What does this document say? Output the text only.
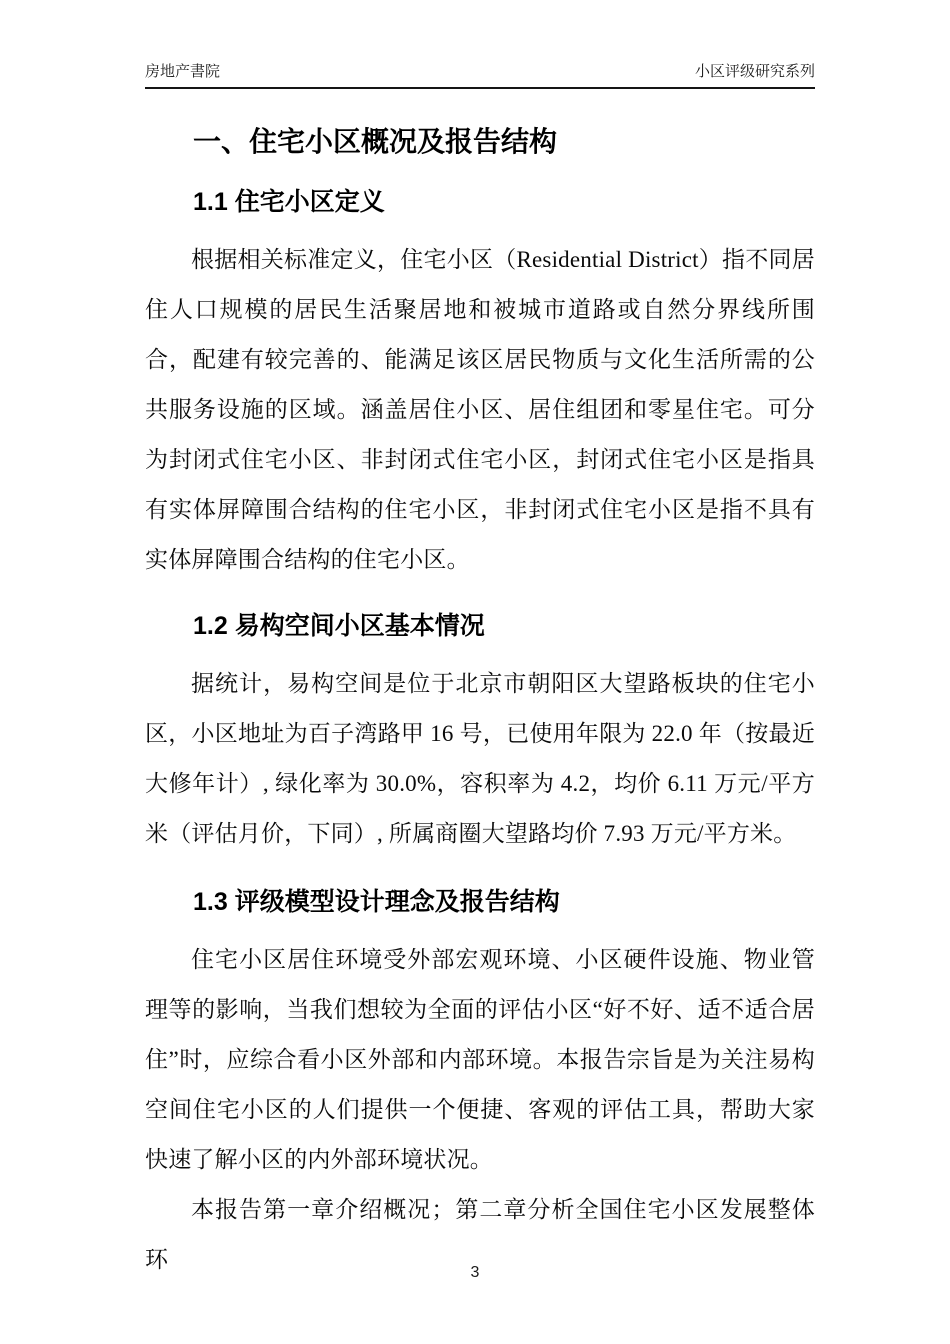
房地产書院	小区评级研究系列
一、住宅小区概况及报告结构
1.1 住宅小区定义

根据相关标准定义，住宅小区（Residential District）指不同居住人口规模的居民生活聚居地和被城市道路或自然分界线所围合，配建有较完善的、能满足该区居民物质与文化生活所需的公共服务设施的区域。涵盖居住小区、居住组团和零星住宅。可分为封闭式住宅小区、非封闭式住宅小区，封闭式住宅小区是指具有实体屏障围合结构的住宅小区，非封闭式住宅小区是指不具有实体屏障围合结构的住宅小区。

1.2 易构空间小区基本情况

据统计，易构空间是位于北京市朝阳区大望路板块的住宅小区，小区地址为百子湾路甲 16 号，已使用年限为 22.0 年（按最近大修年计）, 绿化率为 30.0%，容积率为 4.2，均价 6.11 万元/平方米（评估月价，下同）, 所属商圈大望路均价 7.93 万元/平方米。

1.3 评级模型设计理念及报告结构

住宅小区居住环境受外部宏观环境、小区硬件设施、物业管理等的影响，当我们想较为全面的评估小区“好不好、适不适合居住”时，应综合看小区外部和内部环境。本报告宗旨是为关注易构空间住宅小区的人们提供一个便捷、客观的评估工具，帮助大家快速了解小区的内外部环境状况。

本报告第一章介绍概况；第二章分析全国住宅小区发展整体环

3
